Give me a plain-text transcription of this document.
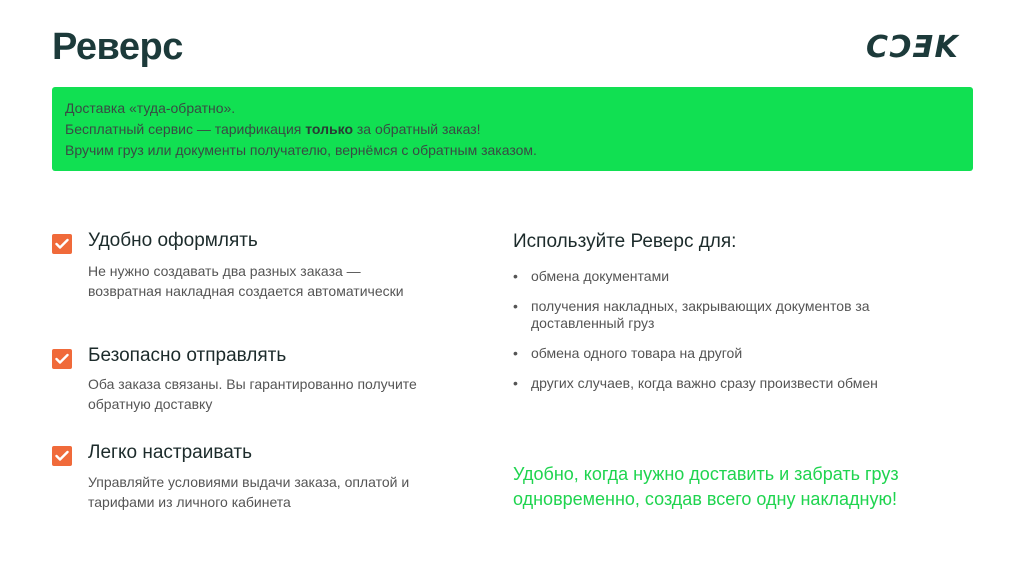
Реверс	CↃƎK
Доставка «туда-обратно».
Бесплатный сервис — тарификация только за обратный заказ!
Вручим груз или документы получателю, вернёмся с обратным заказом.
Удобно оформлять
Не нужно создавать два разных заказа — возвратная накладная создается автоматически
Безопасно отправлять
Оба заказа связаны. Вы гарантированно получите обратную доставку
Легко настраивать
Управляйте условиями выдачи заказа, оплатой и тарифами из личного кабинета
Используйте Реверс для:
• обмена документами
• получения накладных, закрывающих документов за доставленный груз
• обмена одного товара на другой
• других случаев, когда важно сразу произвести обмен
Удобно, когда нужно доставить и забрать груз одновременно, создав всего одну накладную!
